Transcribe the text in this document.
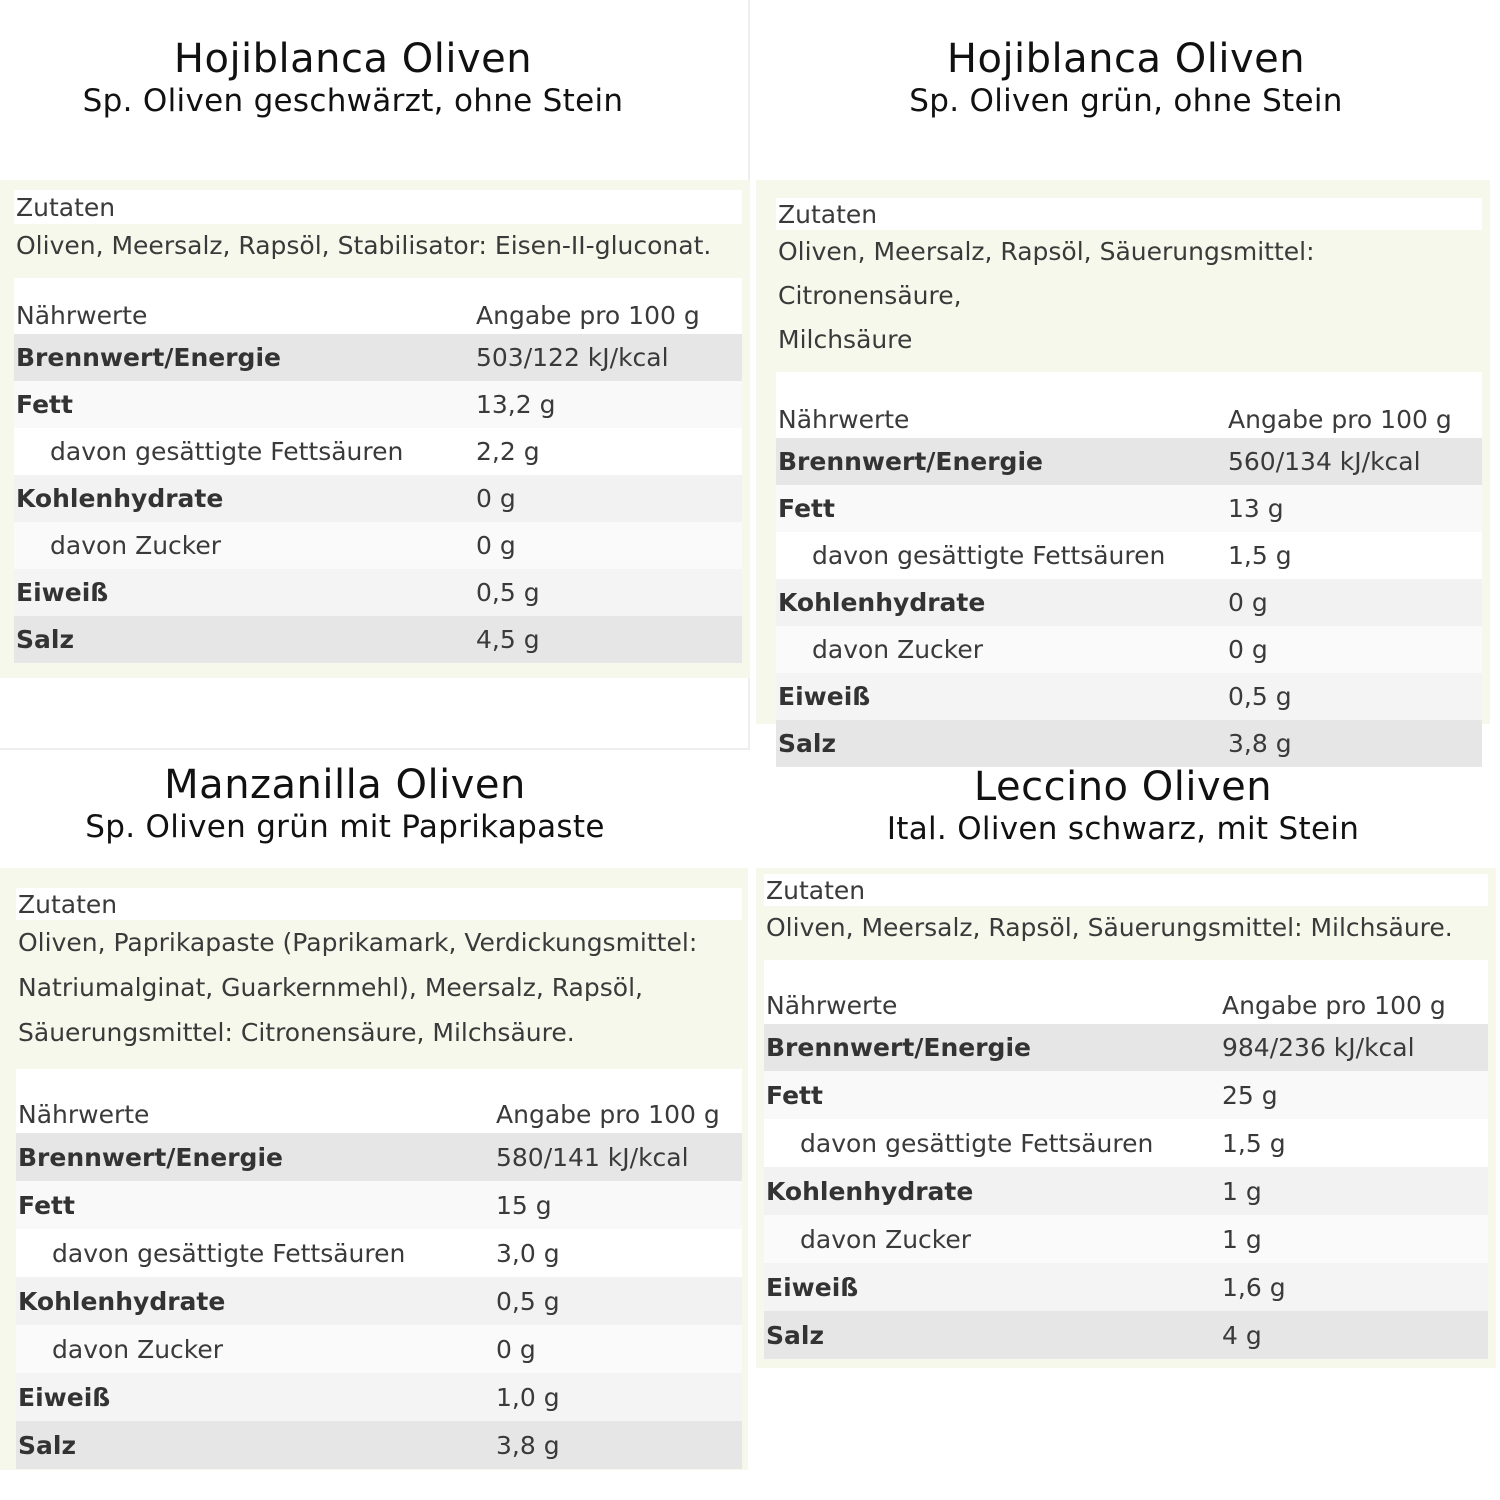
Hojiblanca Oliven
Sp. Oliven geschwärzt, ohne Stein
Zutaten
Oliven, Meersalz, Rapsöl, Stabilisator: Eisen-II-gluconat.
Nährwerte	Angabe pro 100 g
Brennwert/Energie	503/122 kJ/kcal
Fett	13,2 g
davon gesättigte Fettsäuren	2,2 g
Kohlenhydrate	0 g
davon Zucker	0 g
Eiweiß	0,5 g
Salz	4,5 g
Hojiblanca Oliven
Sp. Oliven grün, ohne Stein
Zutaten
Oliven, Meersalz, Rapsöl, Säuerungsmittel: Citronensäure,
Milchsäure
Nährwerte	Angabe pro 100 g
Brennwert/Energie	560/134 kJ/kcal
Fett	13 g
davon gesättigte Fettsäuren	1,5 g
Kohlenhydrate	0 g
davon Zucker	0 g
Eiweiß	0,5 g
Salz	3,8 g
Manzanilla Oliven
Sp. Oliven grün mit Paprikapaste
Zutaten
Oliven, Paprikapaste (Paprikamark, Verdickungsmittel:
Natriumalginat, Guarkernmehl), Meersalz, Rapsöl,
Säuerungsmittel: Citronensäure, Milchsäure.
Nährwerte	Angabe pro 100 g
Brennwert/Energie	580/141 kJ/kcal
Fett	15 g
davon gesättigte Fettsäuren	3,0 g
Kohlenhydrate	0,5 g
davon Zucker	0 g
Eiweiß	1,0 g
Salz	3,8 g
Leccino Oliven
Ital. Oliven schwarz, mit Stein
Zutaten
Oliven, Meersalz, Rapsöl, Säuerungsmittel: Milchsäure.
Nährwerte	Angabe pro 100 g
Brennwert/Energie	984/236 kJ/kcal
Fett	25 g
davon gesättigte Fettsäuren	1,5 g
Kohlenhydrate	1 g
davon Zucker	1 g
Eiweiß	1,6 g
Salz	4 g
